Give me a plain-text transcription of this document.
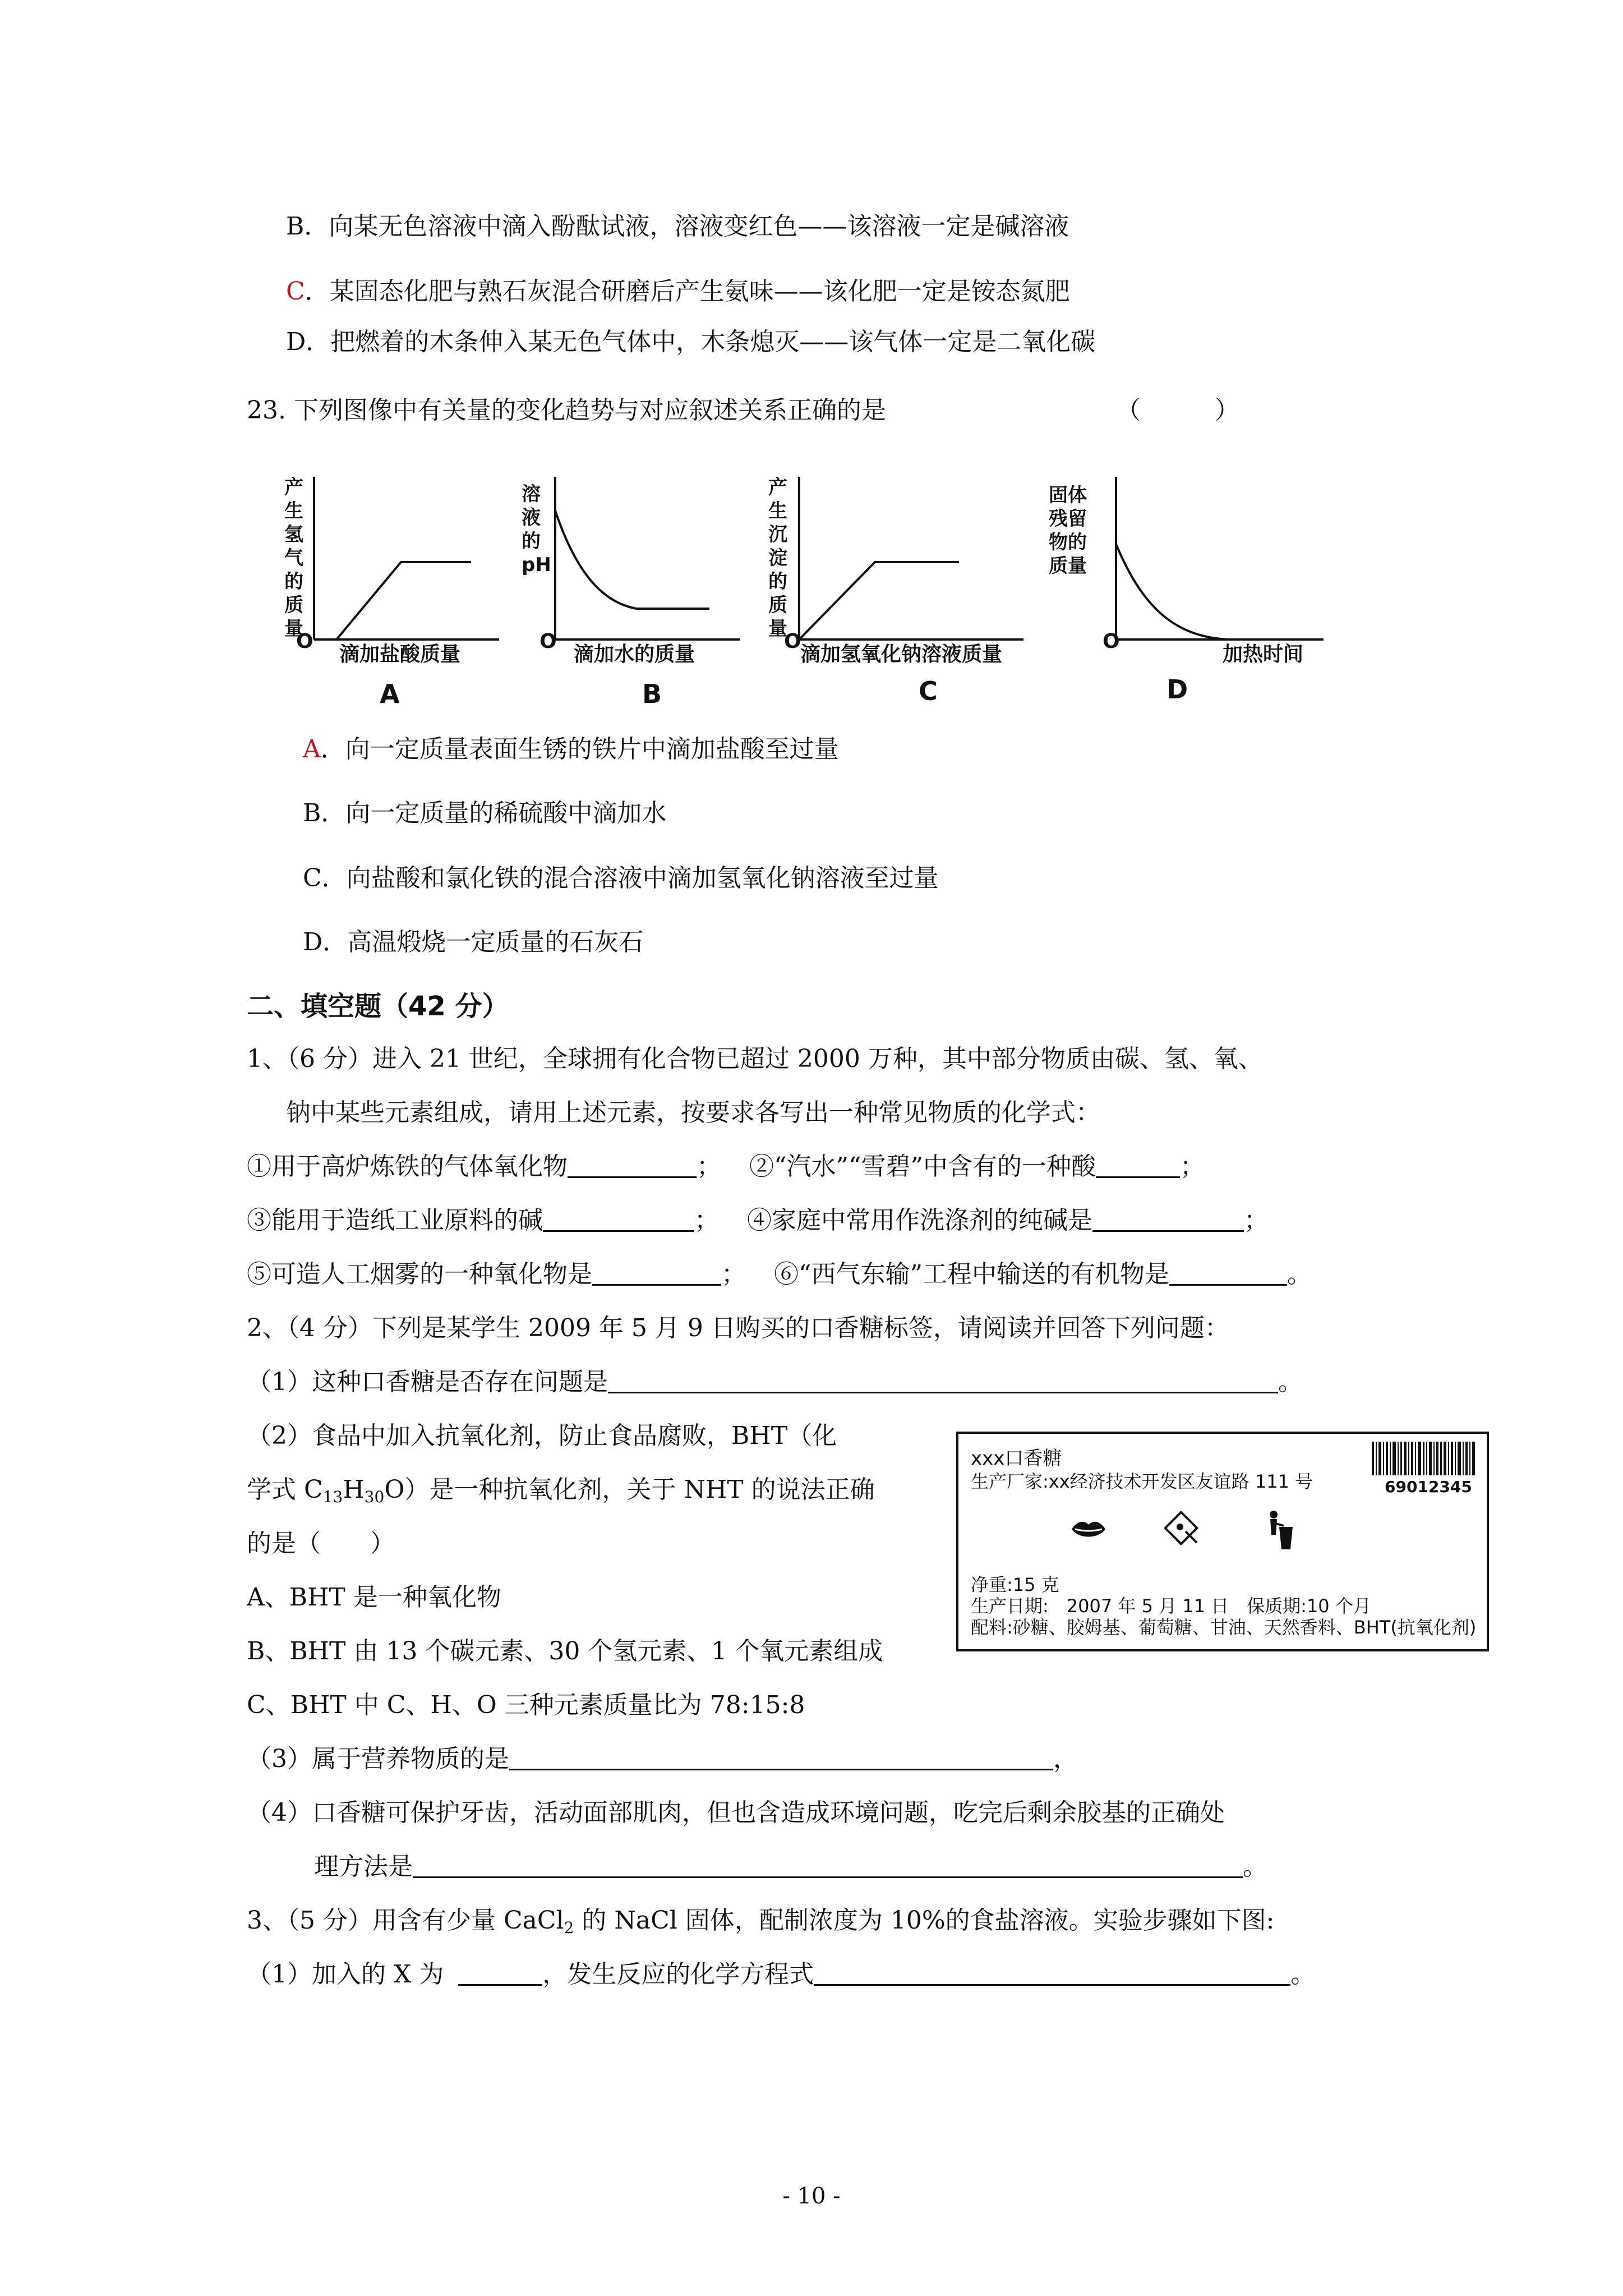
B．向某无色溶液中滴入酚酞试液，溶液变红色——该溶液一定是碱溶液
C．某固态化肥与熟石灰混合研磨后产生氨味——该化肥一定是铵态氮肥
D．把燃着的木条伸入某无色气体中，木条熄灭——该气体一定是二氧化碳
23. 下列图像中有关量的变化趋势与对应叙述关系正确的是	（　　　）
产生氢气的质量
O
滴加盐酸质量
A
溶液的pH
O
滴加水的质量
B
产生沉淀的质量
O
滴加氢氧化钠溶液质量
C
固体残留物的质量
O
加热时间
D
A．向一定质量表面生锈的铁片中滴加盐酸至过量
B．向一定质量的稀硫酸中滴加水
C．向盐酸和氯化铁的混合溶液中滴加氢氧化钠溶液至过量
D．高温煅烧一定质量的石灰石
二、填空题（42 分）
1、（6 分）进入 21 世纪，全球拥有化合物已超过 2000 万种，其中部分物质由碳、氢、氧、
钠中某些元素组成，请用上述元素，按要求各写出一种常见物质的化学式：
①用于高炉炼铁的气体氧化物	； ②“汽水”“雪碧”中含有的一种酸	；
③能用于造纸工业原料的碱	； ④家庭中常用作洗涤剂的纯碱是	；
⑤可造人工烟雾的一种氧化物是	； ⑥“西气东输”工程中输送的有机物是	。
2、（4 分）下列是某学生 2009 年 5 月 9 日购买的口香糖标签，请阅读并回答下列问题：
（1）这种口香糖是否存在问题是	。
（2）食品中加入抗氧化剂，防止食品腐败，BHT（化
学式 $C_{13}H_{30}O$）是一种抗氧化剂，关于 NHT 的说法正确
的是（　　）
A、BHT 是一种氧化物
B、BHT 由 13 个碳元素、30 个氢元素、1 个氧元素组成
C、BHT 中 C、H、O 三种元素质量比为 78:15:8
（3）属于营养物质的是	，
（4）口香糖可保护牙齿，活动面部肌肉，但也含造成环境问题，吃完后剩余胶基的正确处
理方法是	。
xxx口香糖
生产厂家:xx经济技术开发区友谊路 111 号	69012345
净重:15 克
生产日期:　2007 年 5 月 11 日　保质期:10 个月
配料:砂糖、胶姆基、葡萄糖、甘油、天然香料、BHT(抗氧化剂)
3、（5 分）用含有少量 CaCl$_2$ 的 NaCl 固体，配制浓度为 10%的食盐溶液。实验步骤如下图:
（1）加入的 X 为	，发生反应的化学方程式	。
- 10 -
